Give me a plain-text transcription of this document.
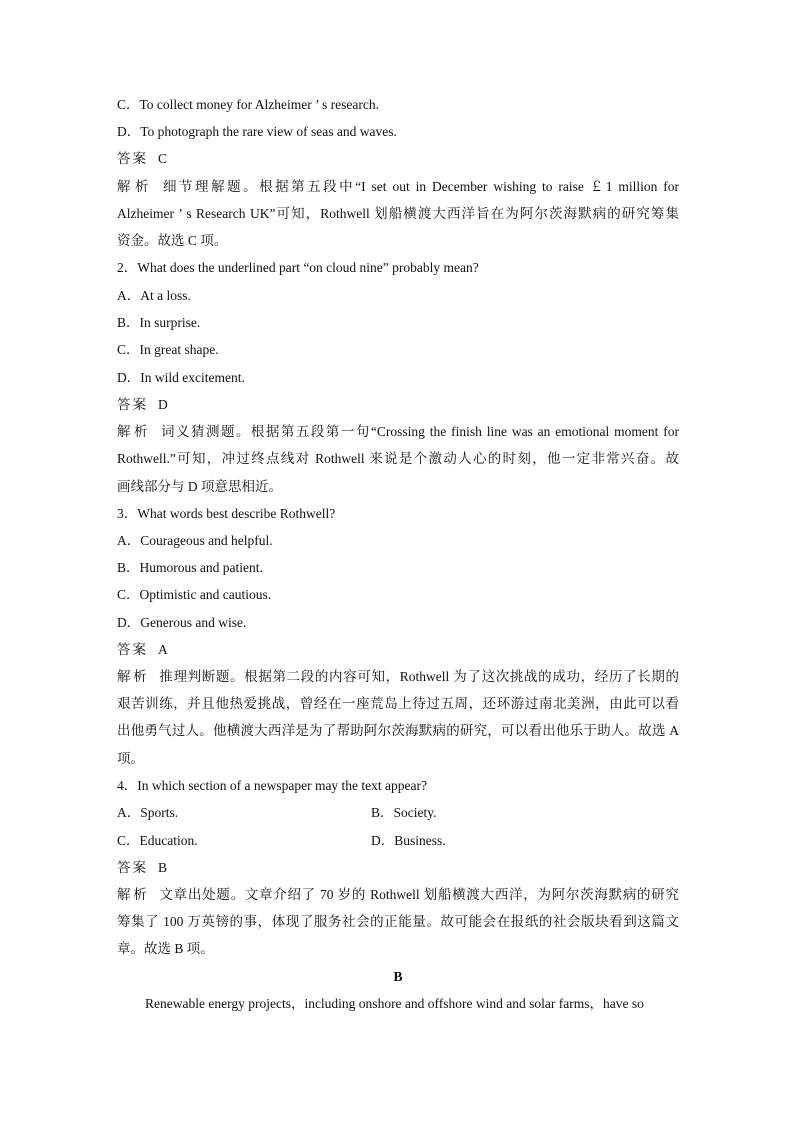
C．To collect money for Alzheimer ’ s research.
D．To photograph the rare view of seas and waves.
答案 C
解析 细节理解题。根据第五段中“I set out in December wishing to raise ￡1 million for
Alzheimer ’ s Research UK”可知，Rothwell 划船横渡大西洋旨在为阿尔茨海默病的研究筹集
资金。故选 C 项。
2．What does the underlined part “on cloud nine” probably mean?
A．At a loss.
B．In surprise.
C．In great shape.
D．In wild excitement.
答案 D
解析 词义猜测题。根据第五段第一句“Crossing the finish line was an emotional moment for
Rothwell.”可知，冲过终点线对 Rothwell 来说是个激动人心的时刻，他一定非常兴奋。故
画线部分与 D 项意思相近。
3．What words best describe Rothwell?
A．Courageous and helpful.
B．Humorous and patient.
C．Optimistic and cautious.
D．Generous and wise.
答案 A
解析 推理判断题。根据第二段的内容可知，Rothwell 为了这次挑战的成功，经历了长期的
艰苦训练，并且他热爱挑战，曾经在一座荒岛上待过五周，还环游过南北美洲，由此可以看
出他勇气过人。他横渡大西洋是为了帮助阿尔茨海默病的研究，可以看出他乐于助人。故选 A
项。
4．In which section of a newspaper may the text appear?
A．Sports.	B．Society.
C．Education.	D．Business.
答案 B
解析 文章出处题。文章介绍了 70 岁的 Rothwell 划船横渡大西洋，为阿尔茨海默病的研究
筹集了 100 万英镑的事，体现了服务社会的正能量。故可能会在报纸的社会版块看到这篇文
章。故选 B 项。
B
Renewable energy projects，including onshore and offshore wind and solar farms，have so
